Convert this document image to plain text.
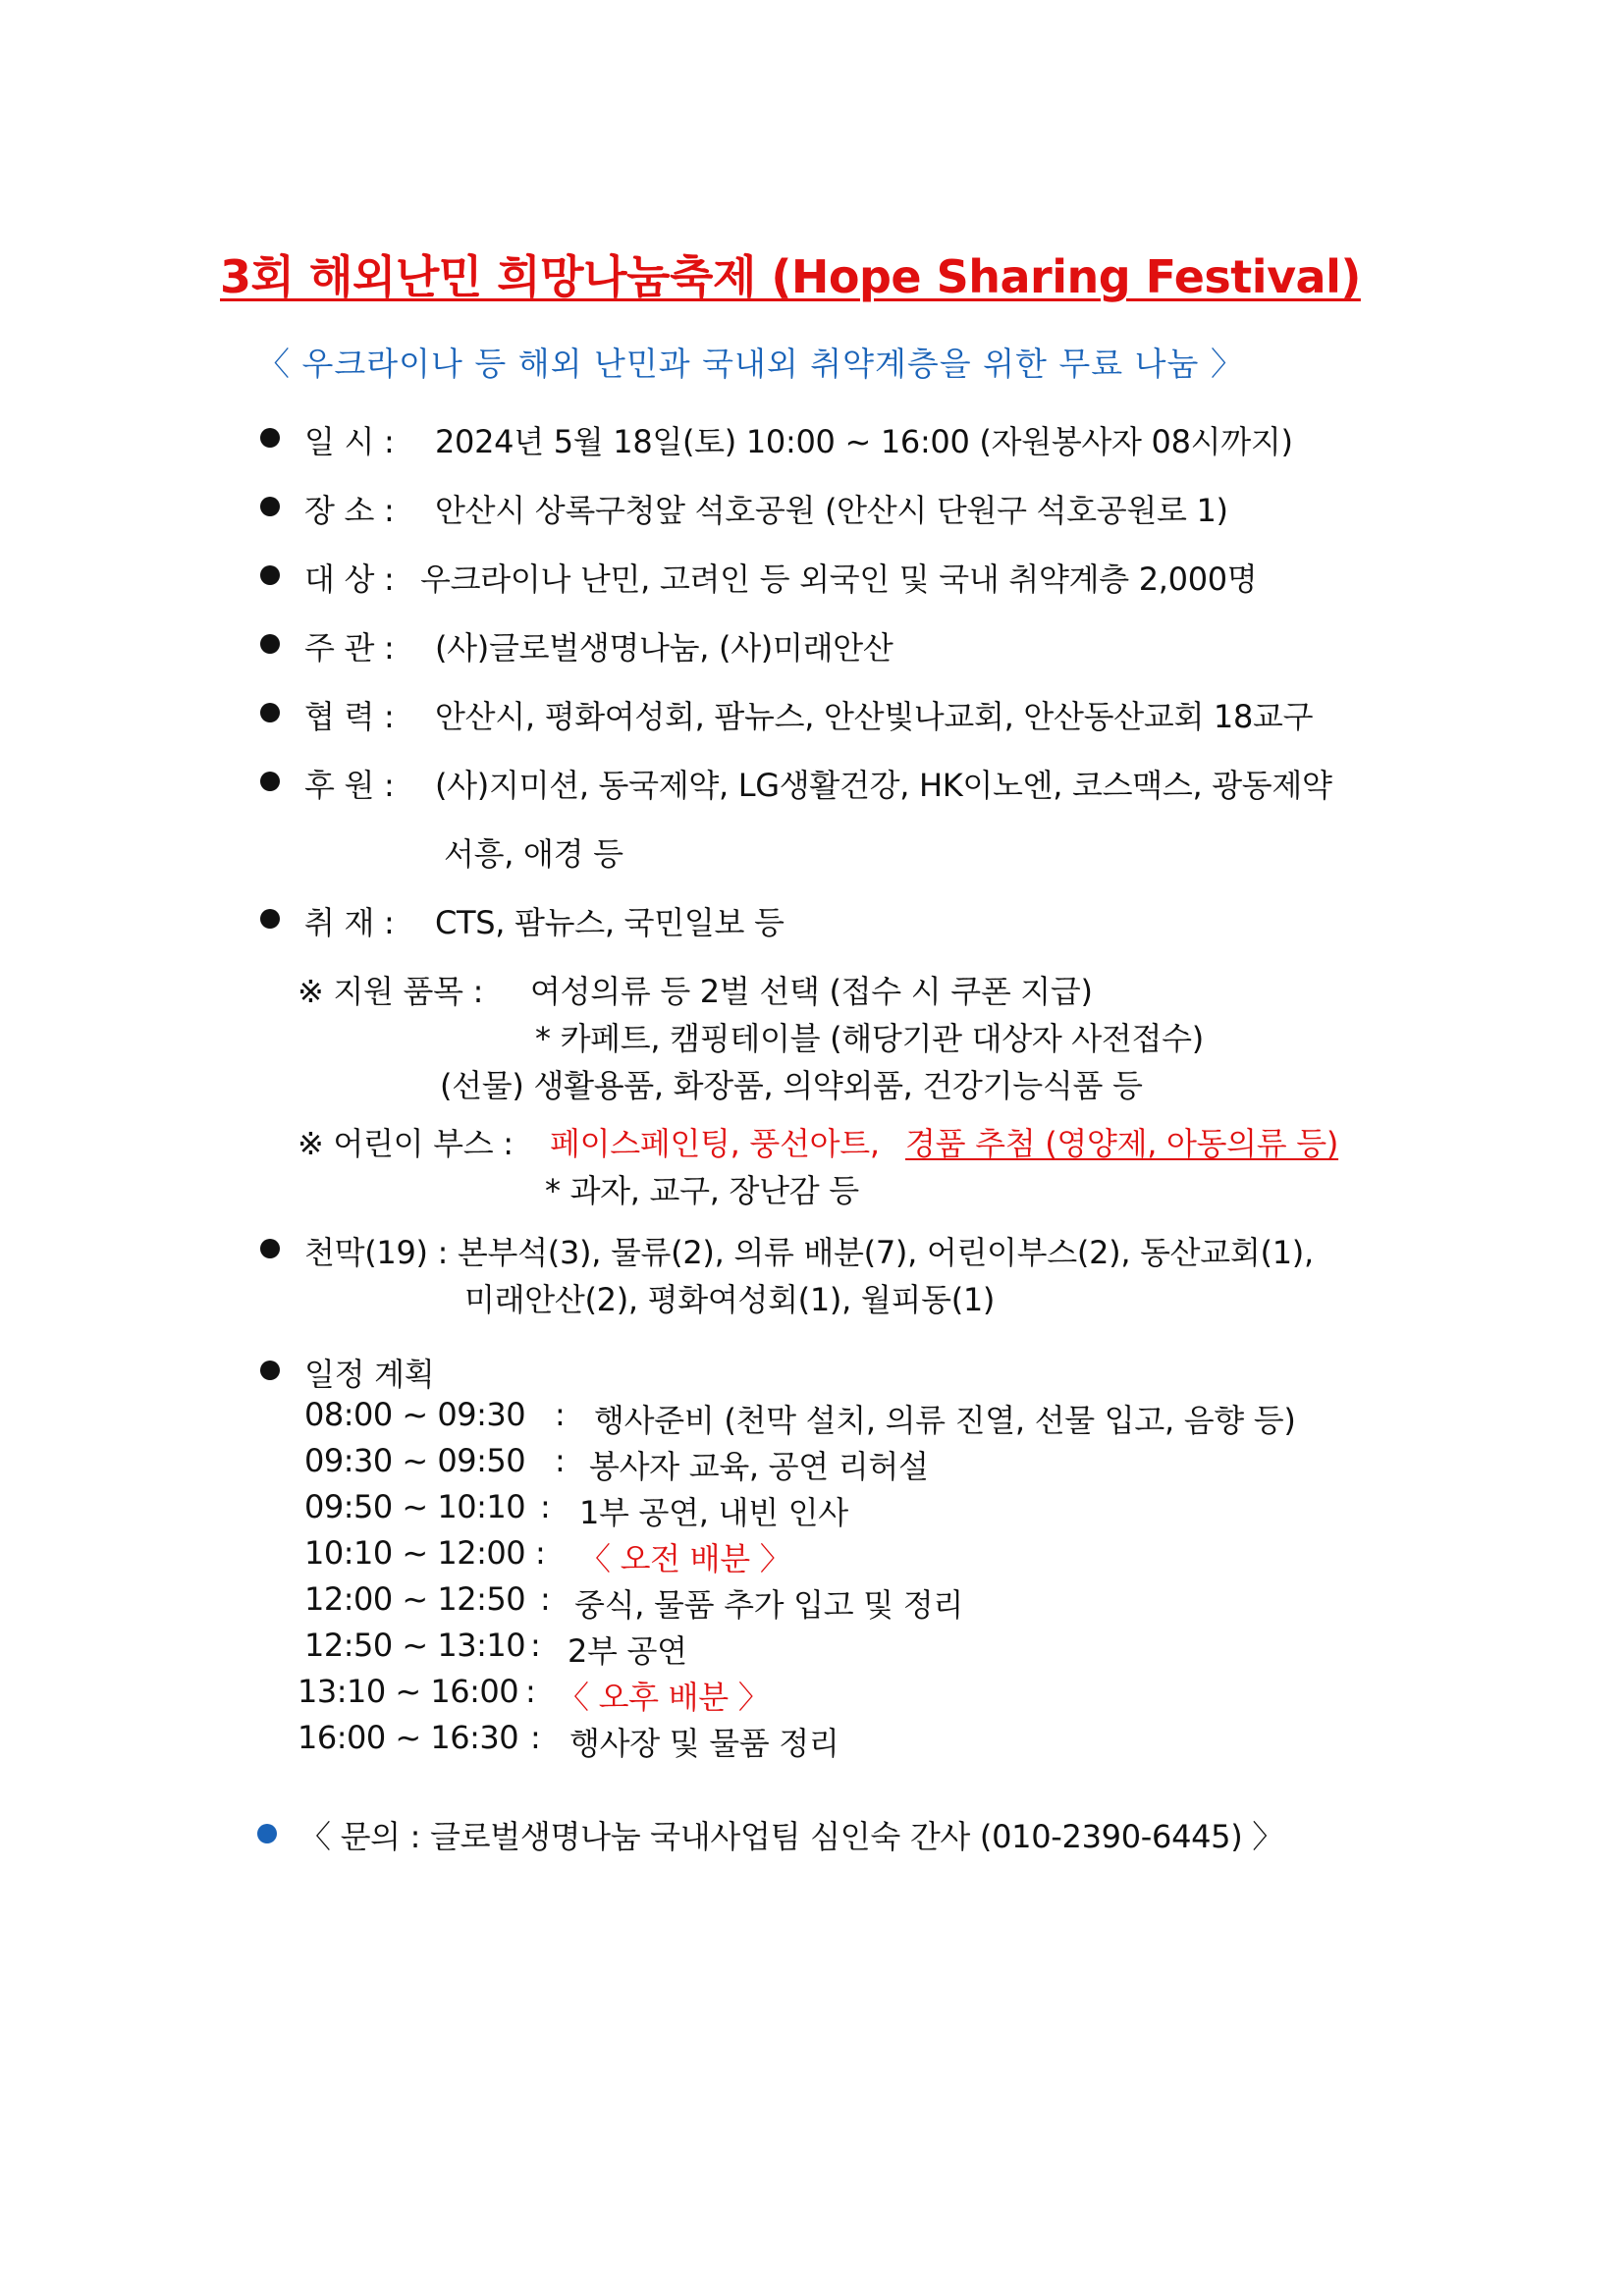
3회 해외난민 희망나눔축제 (Hope Sharing Festival)
〈 우크라이나 등 해외 난민과 국내외 취약계층을 위한 무료 나눔 〉
일 시 : 2024년 5월 18일(토) 10:00 ~ 16:00 (자원봉사자 08시까지)
장 소 : 안산시 상록구청앞 석호공원 (안산시 단원구 석호공원로 1)
대 상 : 우크라이나 난민, 고려인 등 외국인 및 국내 취약계층 2,000명
주 관 : (사)글로벌생명나눔, (사)미래안산
협 력 : 안산시, 평화여성회, 팜뉴스, 안산빛나교회, 안산동산교회 18교구
후 원 : (사)지미션, 동국제약, LG생활건강, HK이노엔, 코스맥스, 광동제약
서흥, 애경 등
취 재 : CTS, 팜뉴스, 국민일보 등
※ 지원 품목 : 여성의류 등 2벌 선택 (접수 시 쿠폰 지급)
* 카페트, 캠핑테이블 (해당기관 대상자 사전접수)
(선물) 생활용품, 화장품, 의약외품, 건강기능식품 등
※ 어린이 부스 : 페이스페인팅, 풍선아트, 경품 추첨 (영양제, 아동의류 등)
* 과자, 교구, 장난감 등
천막(19) : 본부석(3), 물류(2), 의류 배분(7), 어린이부스(2), 동산교회(1),
미래안산(2), 평화여성회(1), 월피동(1)
일정 계획
08:00 ~ 09:30 : 행사준비 (천막 설치, 의류 진열, 선물 입고, 음향 등)
09:30 ~ 09:50 : 봉사자 교육, 공연 리허설
09:50 ~ 10:10 : 1부 공연, 내빈 인사
10:10 ~ 12:00 : 〈 오전 배분 〉
12:00 ~ 12:50 : 중식, 물품 추가 입고 및 정리
12:50 ~ 13:10 : 2부 공연
13:10 ~ 16:00 : 〈 오후 배분 〉
16:00 ~ 16:30 : 행사장 및 물품 정리
〈 문의 : 글로벌생명나눔 국내사업팀 심인숙 간사 (010-2390-6445) 〉
